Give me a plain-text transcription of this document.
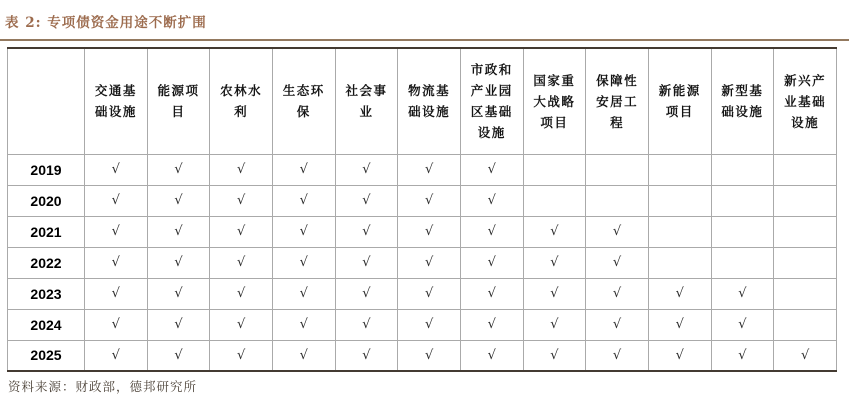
表 2: 专项债资金用途不断扩围
	交通基础设施	能源项目	农林水利	生态环保	社会事业	物流基础设施	市政和产业园区基础设施	国家重大战略项目	保障性安居工程	新能源项目	新型基础设施	新兴产业基础设施
2019	√	√	√	√	√	√	√					
2020	√	√	√	√	√	√	√					
2021	√	√	√	√	√	√	√	√	√			
2022	√	√	√	√	√	√	√	√	√			
2023	√	√	√	√	√	√	√	√	√	√	√	
2024	√	√	√	√	√	√	√	√	√	√	√	
2025	√	√	√	√	√	√	√	√	√	√	√	√
资料来源：财政部，德邦研究所
